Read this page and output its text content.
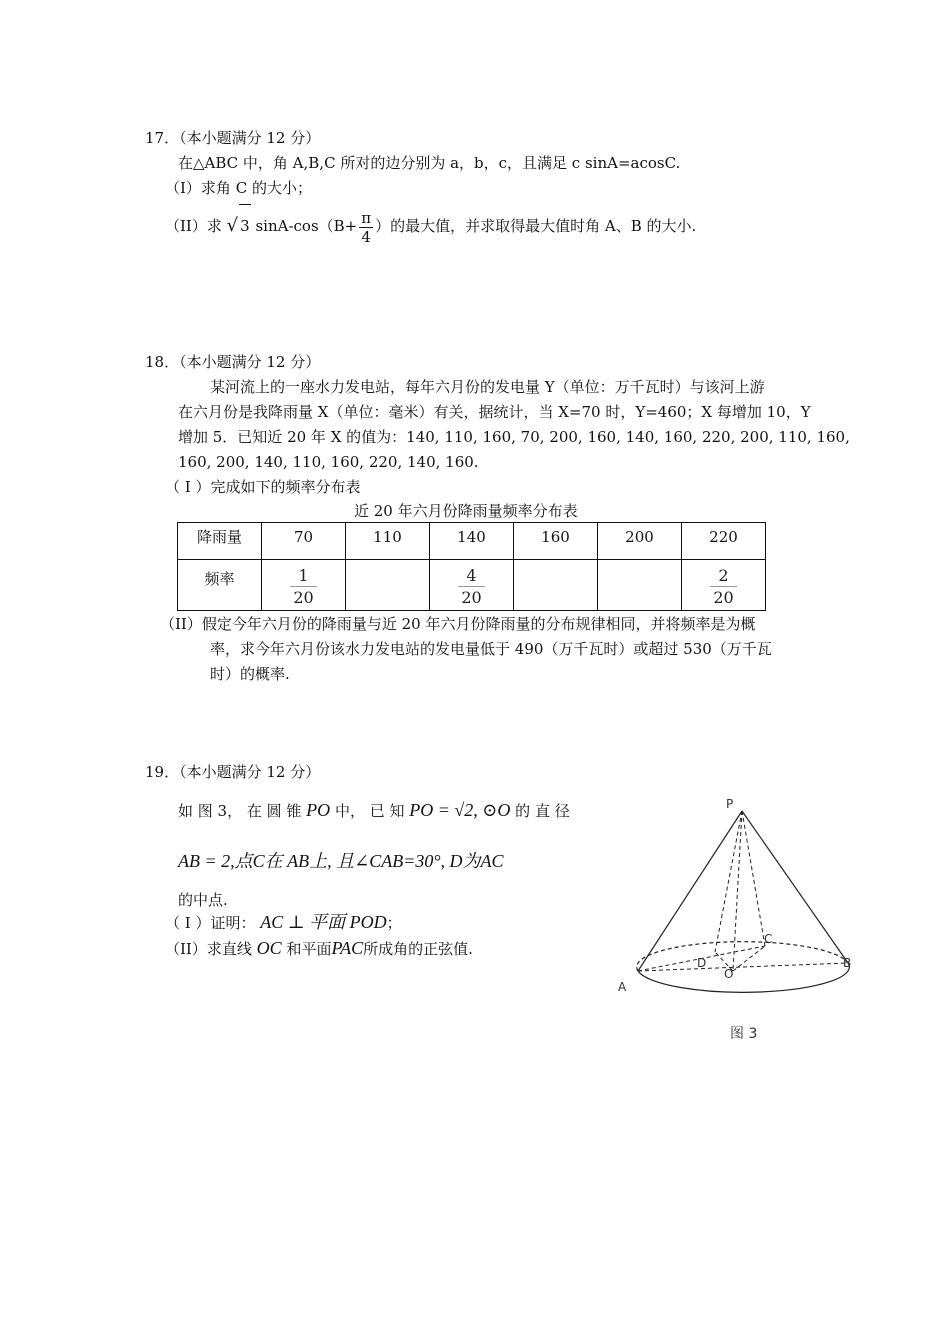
17．（本小题满分 12 分）
在△ABC 中，角 A,B,C 所对的边分别为 a，b，c，且满足 c sinA=acosC.
（I）求角 C 的大小；
（II）求 √ 3 $\sin A-\cos(B+ \frac{\pi}{4}$ ）的最大值，并求取得最大值时角 A、B 的大小.
18．（本小题满分 12 分）
某河流上的一座水力发电站，每年六月份的发电量 Y（单位：万千瓦时）与该河上游
在六月份是我降雨量 X（单位：毫米）有关，据统计，当 X=70 时，Y=460；X 每增加 10，Y
增加 5．已知近 20 年 X 的值为：140, 110, 160, 70, 200, 160, 140, 160, 220, 200, 110, 160,
160, 200, 140, 110, 160, 220, 140, 160.
（ I ）完成如下的频率分布表
近 20 年六月份降雨量频率分布表
降雨量	70	110	140	160	200	220
频率	$\frac{1}{20}$		$\frac{4}{20}$			$\frac{2}{20}$
（II）假定今年六月份的降雨量与近 20 年六月份降雨量的分布规律相同，并将频率是为概
率，求今年六月份该水力发电站的发电量低于 490（万千瓦时）或超过 530（万千瓦
时）的概率.
19．（本小题满分 12 分）
如 图 3， 在 圆 锥 PO 中， 已 知 PO = √2, ⊙O 的 直 径
AB = 2,点C在 AB上, 且∠CAB=30°, D为AC
的中点.
（ I ）证明： AC ⊥ 平面 POD；
（II）求直线 OC 和平面PAC所成角的正弦值.
P
A
B
C
D
O
图 3
